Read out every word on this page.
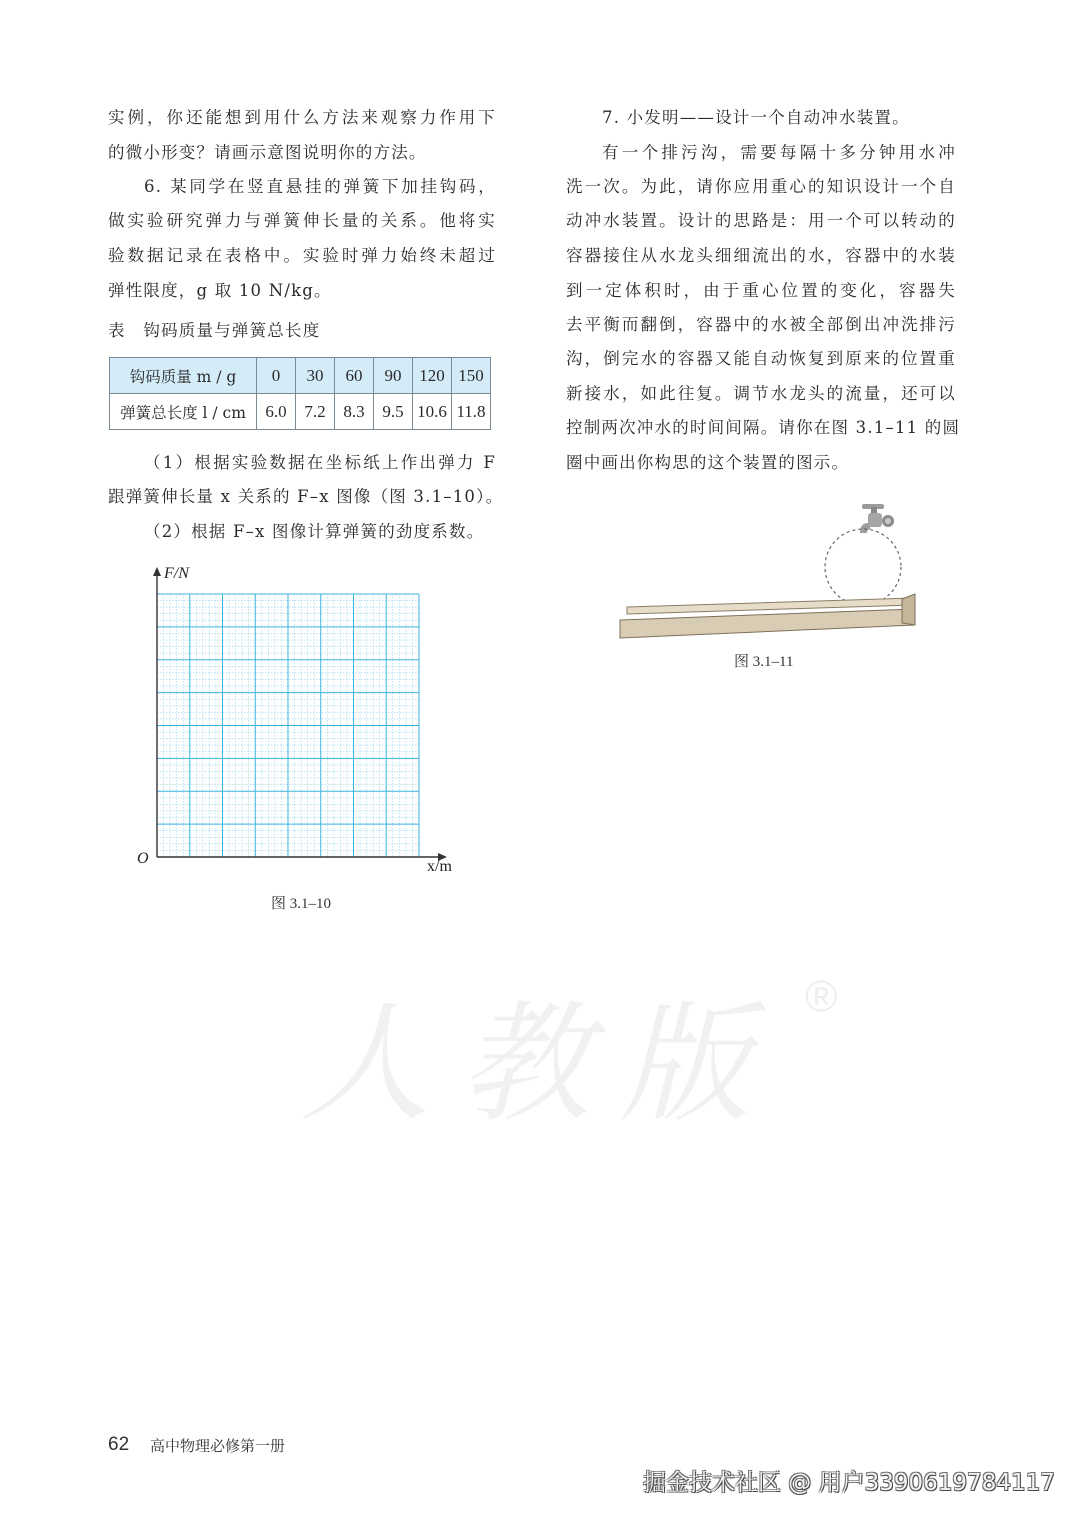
人教版 ®
实例，你还能想到用什么方法来观察力作用下
的微小形变？请画示意图说明你的方法。
6. 某同学在竖直悬挂的弹簧下加挂钩码，
做实验研究弹力与弹簧伸长量的关系。他将实
验数据记录在表格中。实验时弹力始终未超过
弹性限度，g 取 10 N/kg。
表　钩码质量与弹簧总长度
钩码质量 m / g	0	30	60	90	120	150
弹簧总长度 l / cm	6.0	7.2	8.3	9.5	10.6	11.8
（1）根据实验数据在坐标纸上作出弹力 F
跟弹簧伸长量 x 关系的 F–x 图像（图 3.1–10）。
（2）根据 F–x 图像计算弹簧的劲度系数。
F/N
O	x/m
图 3.1–10
7. 小发明——设计一个自动冲水装置。
有一个排污沟，需要每隔十多分钟用水冲
洗一次。为此，请你应用重心的知识设计一个自
动冲水装置。设计的思路是：用一个可以转动的
容器接住从水龙头细细流出的水，容器中的水装
到一定体积时，由于重心位置的变化，容器失
去平衡而翻倒，容器中的水被全部倒出冲洗排污
沟，倒完水的容器又能自动恢复到原来的位置重
新接水，如此往复。调节水龙头的流量，还可以
控制两次冲水的时间间隔。请你在图 3.1–11 的圆
圈中画出你构思的这个装置的图示。
图 3.1–11
62 高中物理必修第一册
掘金技术社区 @ 用户3390619784117
